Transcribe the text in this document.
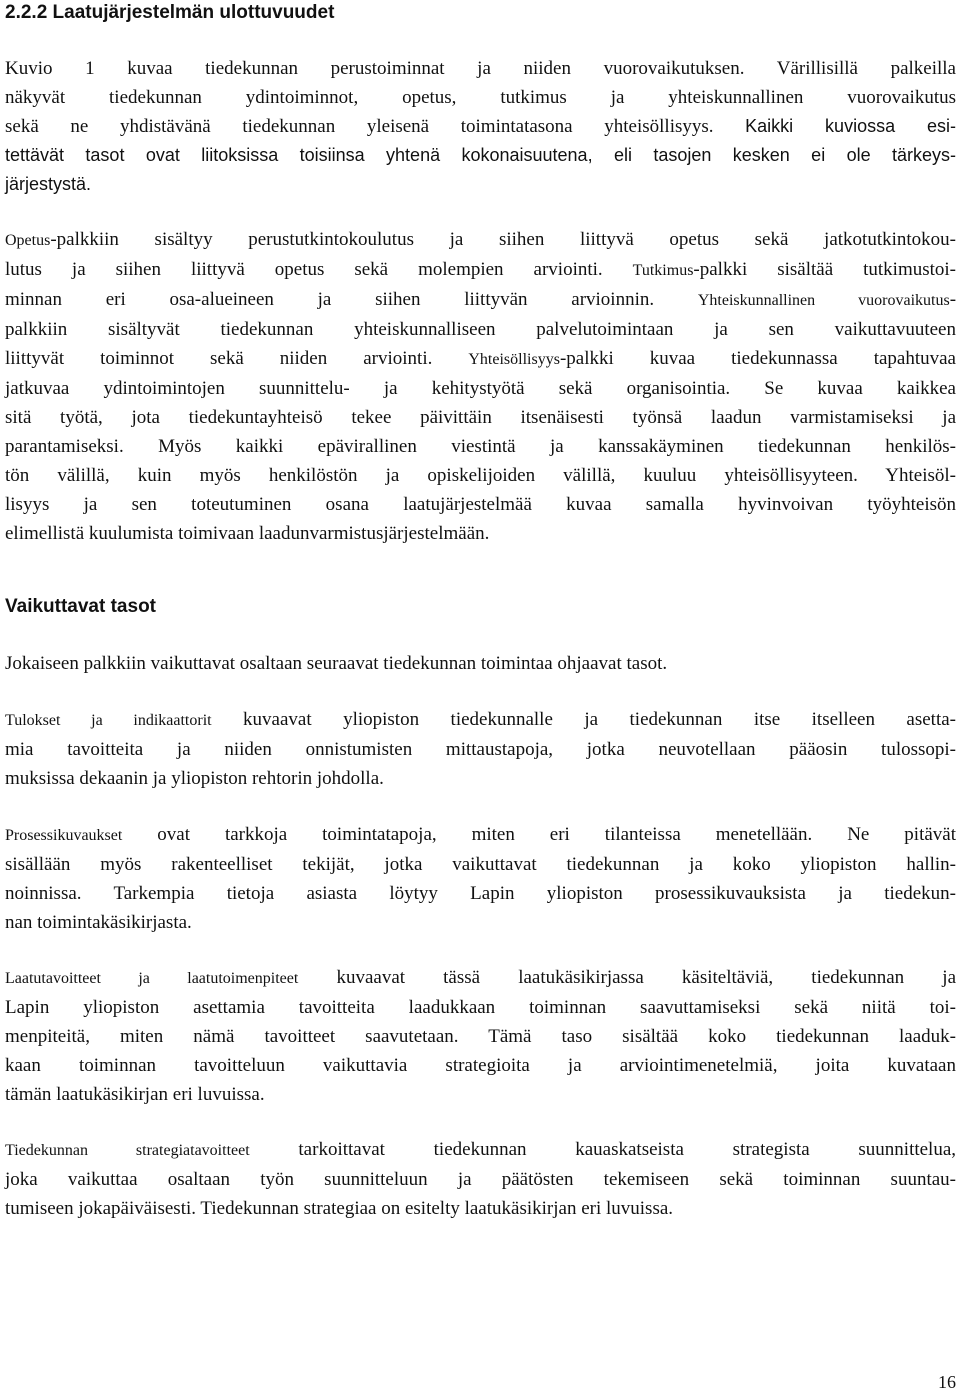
2.2.2 Laatujärjestelmän ulottuvuudet
Kuvio 1 kuvaa tiedekunnan perustoiminnat ja niiden vuorovaikutuksen. Värillisillä palkeilla
näkyvät tiedekunnan ydintoiminnot, opetus, tutkimus ja yhteiskunnallinen vuorovaikutus
sekä ne yhdistävänä tiedekunnan yleisenä toimintatasona yhteisöllisyys. Kaikki kuviossa esi-
tettävät tasot ovat liitoksissa toisiinsa yhtenä kokonaisuutena, eli tasojen kesken ei ole tärkeys-
järjestystä.
Opetus-palkkiin sisältyy perustutkintokoulutus ja siihen liittyvä opetus sekä jatkotutkintokou-
lutus ja siihen liittyvä opetus sekä molempien arviointi. Tutkimus-palkki sisältää tutkimustoi-
minnan eri osa-alueineen ja siihen liittyvän arvioinnin.	Yhteiskunnallinen vuorovaikutus-
palkkiin sisältyvät tiedekunnan yhteiskunnalliseen palvelutoimintaan ja sen vaikuttavuuteen
liittyvät toiminnot sekä niiden arviointi. Yhteisöllisyys-palkki kuvaa tiedekunnassa tapahtuvaa
jatkuvaa ydintoimintojen suunnittelu- ja kehitystyötä sekä organisointia. Se kuvaa kaikkea
sitä työtä, jota tiedekuntayhteisö tekee päivittäin itsenäisesti työnsä laadun varmistamiseksi ja
parantamiseksi. Myös kaikki epävirallinen viestintä ja kanssakäyminen tiedekunnan henkilös-
tön välillä, kuin myös henkilöstön ja opiskelijoiden välillä, kuuluu yhteisöllisyyteen. Yhteisöl-
lisyys ja sen toteutuminen osana laatujärjestelmää kuvaa samalla hyvinvoivan työyhteisön
elimellistä kuulumista toimivaan laadunvarmistusjärjestelmään.
Vaikuttavat tasot
Jokaiseen palkkiin vaikuttavat osaltaan seuraavat tiedekunnan toimintaa ohjaavat tasot.
Tulokset ja indikaattorit kuvaavat yliopiston tiedekunnalle ja tiedekunnan itse itselleen asetta-
mia tavoitteita ja niiden onnistumisten mittaustapoja, jotka neuvotellaan pääosin tulossopi-
muksissa dekaanin ja yliopiston rehtorin johdolla.
Prosessikuvaukset ovat tarkkoja toimintatapoja, miten eri tilanteissa menetellään. Ne pitävät
sisällään myös rakenteelliset tekijät, jotka vaikuttavat tiedekunnan ja koko yliopiston hallin-
noinnissa. Tarkempia tietoja asiasta löytyy Lapin yliopiston prosessikuvauksista ja tiedekun-
nan toimintakäsikirjasta.
Laatutavoitteet ja laatutoimenpiteet kuvaavat tässä laatukäsikirjassa käsiteltäviä, tiedekunnan ja
Lapin yliopiston asettamia tavoitteita laadukkaan toiminnan saavuttamiseksi sekä niitä toi-
menpiteitä, miten nämä tavoitteet saavutetaan. Tämä taso sisältää koko tiedekunnan laaduk-
kaan toiminnan tavoitteluun vaikuttavia strategioita ja arviointimenetelmiä, joita kuvataan
tämän laatukäsikirjan eri luvuissa.
Tiedekunnan strategiatavoitteet	tarkoittavat tiedekunnan kauaskatseista strategista suunnittelua,
joka vaikuttaa osaltaan työn suunnitteluun ja päätösten tekemiseen sekä toiminnan suuntau-
tumiseen jokapäiväisesti. Tiedekunnan strategiaa on esitelty laatukäsikirjan eri luvuissa.

16
